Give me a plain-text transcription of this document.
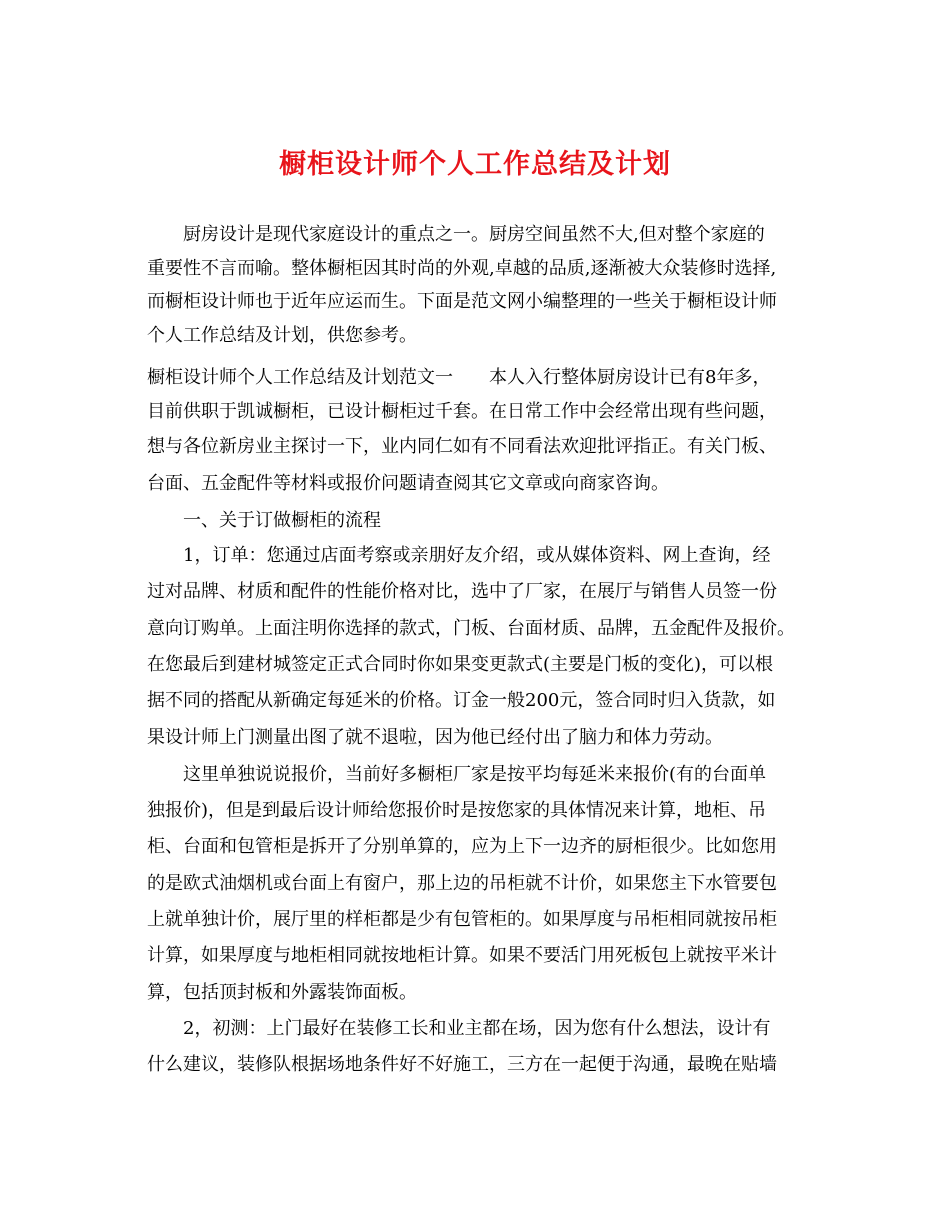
橱柜设计师个人工作总结及计划
厨房设计是现代家庭设计的重点之一。厨房空间虽然不大,但对整个家庭的
重要性不言而喻。整体橱柜因其时尚的外观,卓越的品质,逐渐被大众装修时选择,
而橱柜设计师也于近年应运而生。下面是范文网小编整理的一些关于橱柜设计师
个人工作总结及计划，供您参考。
橱柜设计师个人工作总结及计划范文一　　本人入行整体厨房设计已有8年多，
目前供职于凯诚橱柜，已设计橱柜过千套。在日常工作中会经常出现有些问题，
想与各位新房业主探讨一下，业内同仁如有不同看法欢迎批评指正。有关门板、
台面、五金配件等材料或报价问题请查阅其它文章或向商家咨询。
一、关于订做橱柜的流程
1，订单：您通过店面考察或亲朋好友介绍，或从媒体资料、网上查询，经
过对品牌、材质和配件的性能价格对比，选中了厂家，在展厅与销售人员签一份
意向订购单。上面注明你选择的款式，门板、台面材质、品牌，五金配件及报价。
在您最后到建材城签定正式合同时你如果变更款式(主要是门板的变化)，可以根
据不同的搭配从新确定每延米的价格。订金一般200元，签合同时归入货款，如
果设计师上门测量出图了就不退啦，因为他已经付出了脑力和体力劳动。
这里单独说说报价，当前好多橱柜厂家是按平均每延米来报价(有的台面单
独报价)，但是到最后设计师给您报价时是按您家的具体情况来计算，地柜、吊
柜、台面和包管柜是拆开了分别单算的，应为上下一边齐的厨柜很少。比如您用
的是欧式油烟机或台面上有窗户，那上边的吊柜就不计价，如果您主下水管要包
上就单独计价，展厅里的样柜都是少有包管柜的。如果厚度与吊柜相同就按吊柜
计算，如果厚度与地柜相同就按地柜计算。如果不要活门用死板包上就按平米计
算，包括顶封板和外露装饰面板。
2，初测：上门最好在装修工长和业主都在场，因为您有什么想法，设计有
什么建议，装修队根据场地条件好不好施工，三方在一起便于沟通，最晚在贴墙
